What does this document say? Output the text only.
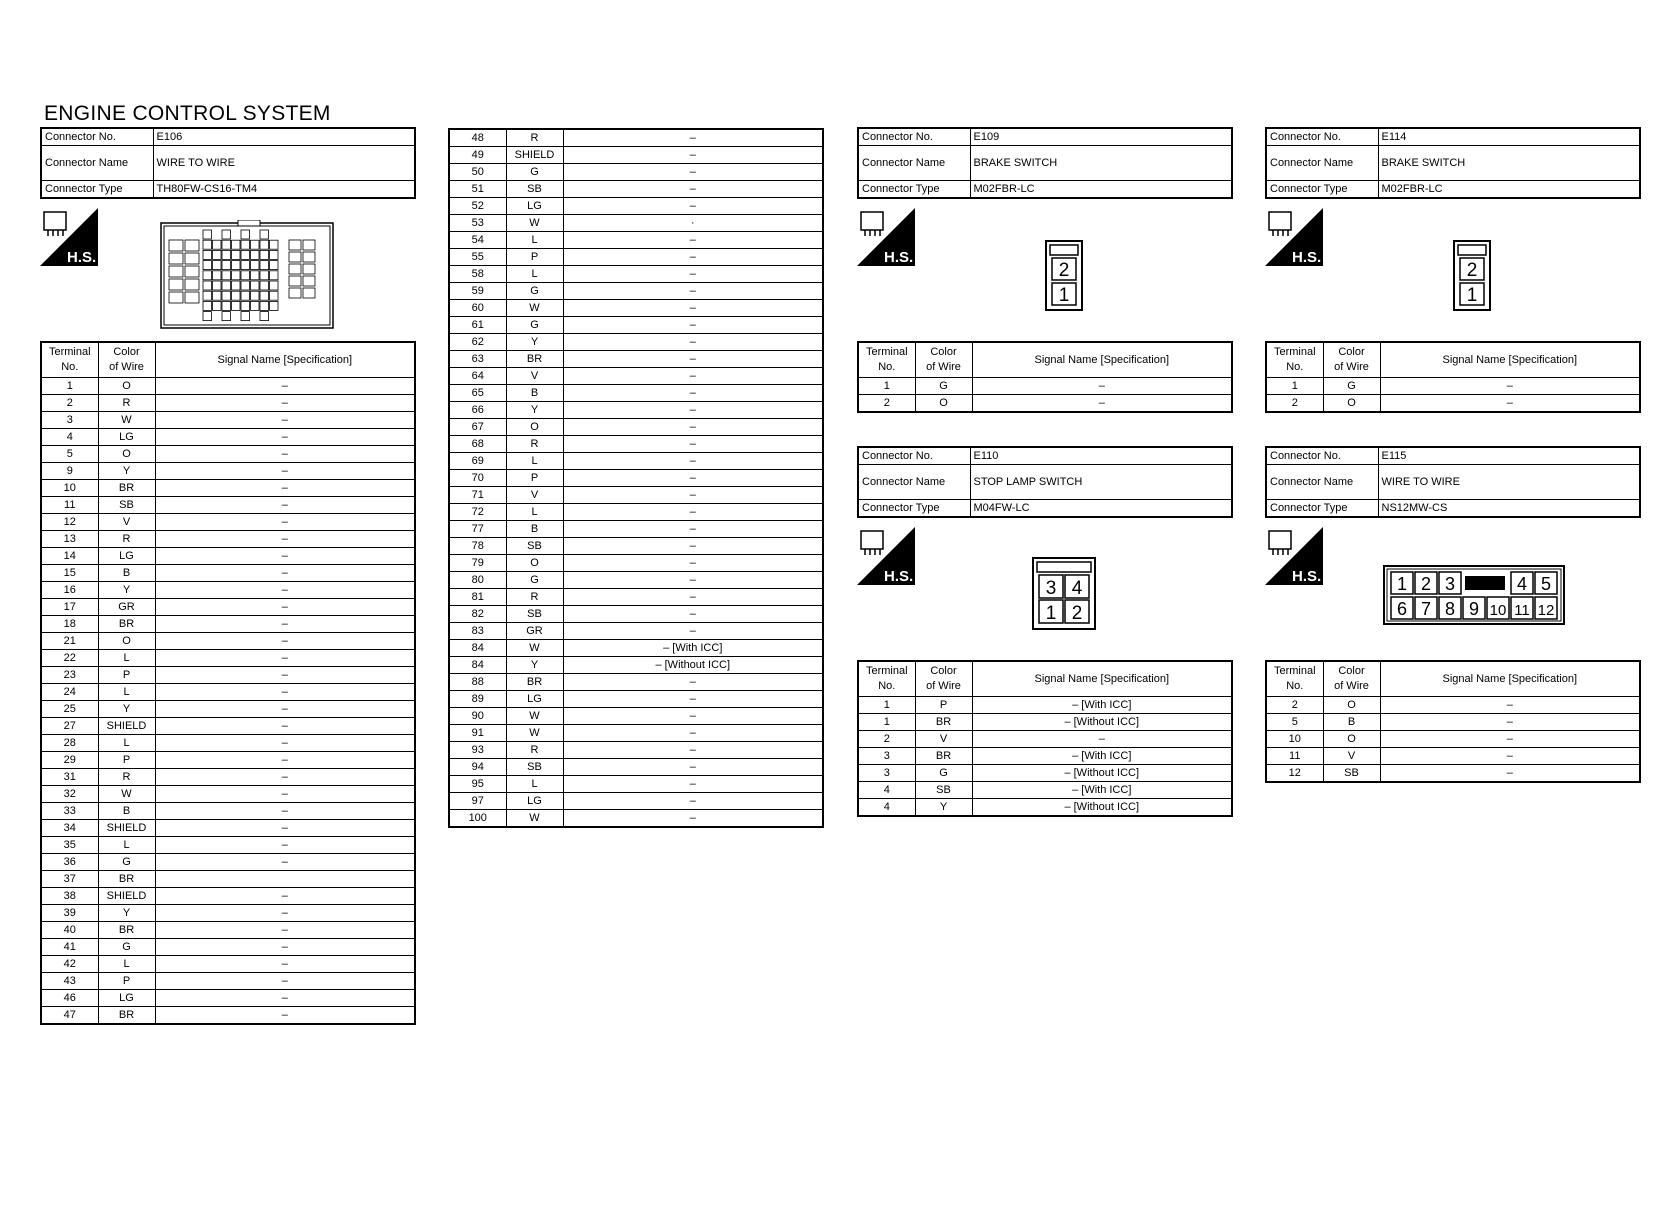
ENGINE CONTROL SYSTEM
Connector No.	E106
Connector Name	WIRE TO WIRE
Connector Type	TH80FW-CS16-TM4
H.S.
Terminal
No.	Color
of Wire	Signal Name [Specification]
1	O	–
2	R	–
3	W	–
4	LG	–
5	O	–
9	Y	–
10	BR	–
11	SB	–
12	V	–
13	R	–
14	LG	–
15	B	–
16	Y	–
17	GR	–
18	BR	–
21	O	–
22	L	–
23	P	–
24	L	–
25	Y	–
27	SHIELD	–
28	L	–
29	P	–
31	R	–
32	W	–
33	B	–
34	SHIELD	–
35	L	–
36	G	–
37	BR	
38	SHIELD	–
39	Y	–
40	BR	–
41	G	–
42	L	–
43	P	–
46	LG	–
47	BR	–
48	R	–
49	SHIELD	–
50	G	–
51	SB	–
52	LG	–
53	W	·
54	L	–
55	P	–
58	L	–
59	G	–
60	W	–
61	G	–
62	Y	–
63	BR	–
64	V	–
65	B	–
66	Y	–
67	O	–
68	R	–
69	L	–
70	P	–
71	V	–
72	L	–
77	B	–
78	SB	–
79	O	–
80	G	–
81	R	–
82	SB	–
83	GR	–
84	W	– [With ICC]
84	Y	– [Without ICC]
88	BR	–
89	LG	–
90	W	–
91	W	–
93	R	–
94	SB	–
95	L	–
97	LG	–
100	W	–
Connector No.	E109
Connector Name	BRAKE SWITCH
Connector Type	M02FBR-LC
H.S.
2
1
Terminal
No.	Color
of Wire	Signal Name [Specification]
1	G	–
2	O	–
Connector No.	E114
Connector Name	BRAKE SWITCH
Connector Type	M02FBR-LC
H.S.
2
1
Terminal
No.	Color
of Wire	Signal Name [Specification]
1	G	–
2	O	–
Connector No.	E110
Connector Name	STOP LAMP SWITCH
Connector Type	M04FW-LC
H.S.
3 4
1 2
Terminal
No.	Color
of Wire	Signal Name [Specification]
1	P	– [With ICC]
1	BR	– [Without ICC]
2	V	–
3	BR	– [With ICC]
3	G	– [Without ICC]
4	SB	– [With ICC]
4	Y	– [Without ICC]
Connector No.	E115
Connector Name	WIRE TO WIRE
Connector Type	NS12MW-CS
H.S.	1 2 3	4 5
6 7 8 9 10 11 12
Terminal
No.	Color
of Wire	Signal Name [Specification]
2	O	–
5	B	–
10	O	–
11	V	–
12	SB	–
